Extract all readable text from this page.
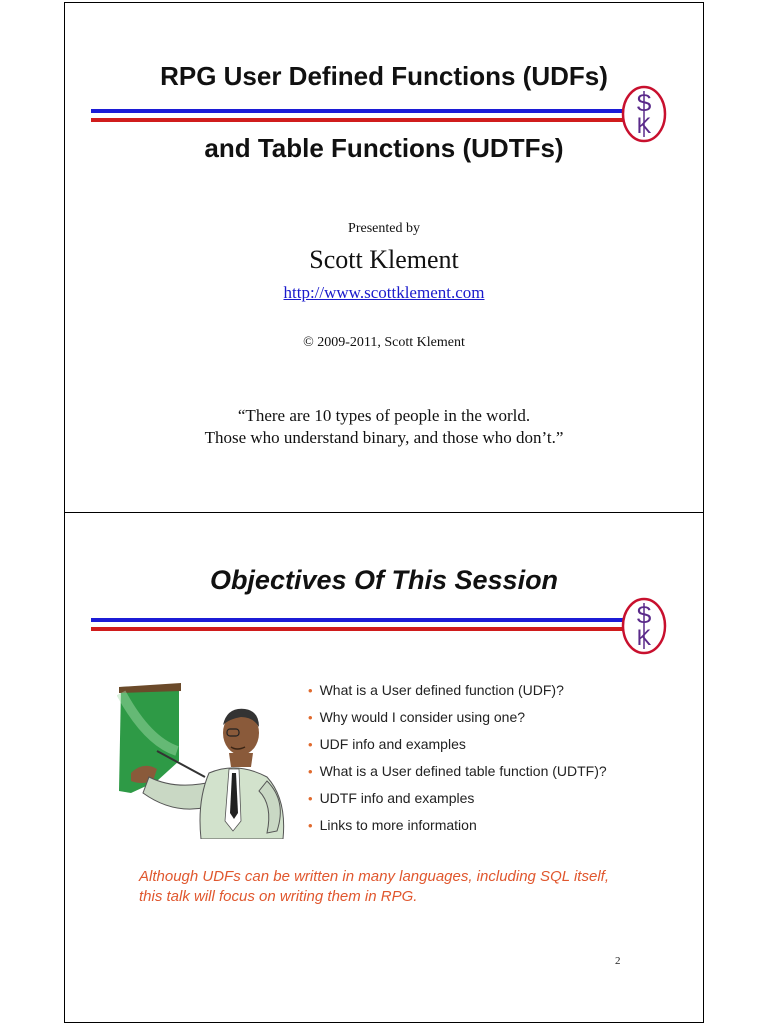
RPG User Defined Functions (UDFs)
S
K
and Table Functions (UDTFs)
Presented by
Scott Klement
http://www.scottklement.com
© 2009-2011, Scott Klement
“There are 10 types of people in the world.
Those who understand binary, and those who don’t.”
Objectives Of This Session
S
K
• What is a User defined function (UDF)?
• Why would I consider using one?
• UDF info and examples
• What is a User defined table function (UDTF)?
• UDTF info and examples
• Links to more information
Although UDFs can be written in many languages, including SQL itself, this talk will focus on writing them in RPG.
2
